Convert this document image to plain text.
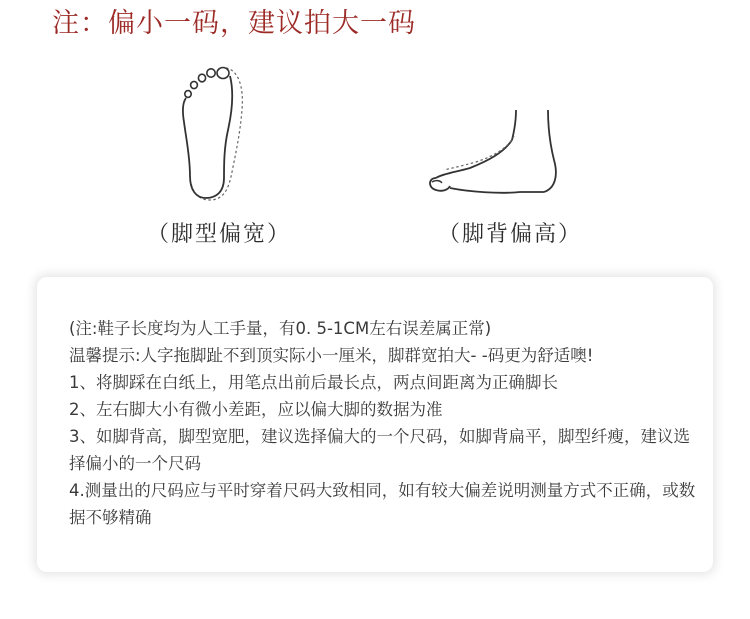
注：偏小一码，建议拍大一码
（脚型偏宽）	（脚背偏高）
(注:鞋子长度均为人工手量，有0. 5-1CM左右误差属正常)
温馨提示:人字拖脚趾不到顶实际小一厘米，脚群宽拍大- -码更为舒适噢!
1、将脚踩在白纸上，用笔点出前后最长点，两点间距离为正确脚长
2、左右脚大小有微小差距，应以偏大脚的数据为准
3、如脚背高，脚型宽肥，建议选择偏大的一个尺码，如脚背扁平，脚型纤瘦，建议选择偏小的一个尺码
4.测量出的尺码应与平时穿着尺码大致相同，如有较大偏差说明测量方式不正确，或数据不够精确
